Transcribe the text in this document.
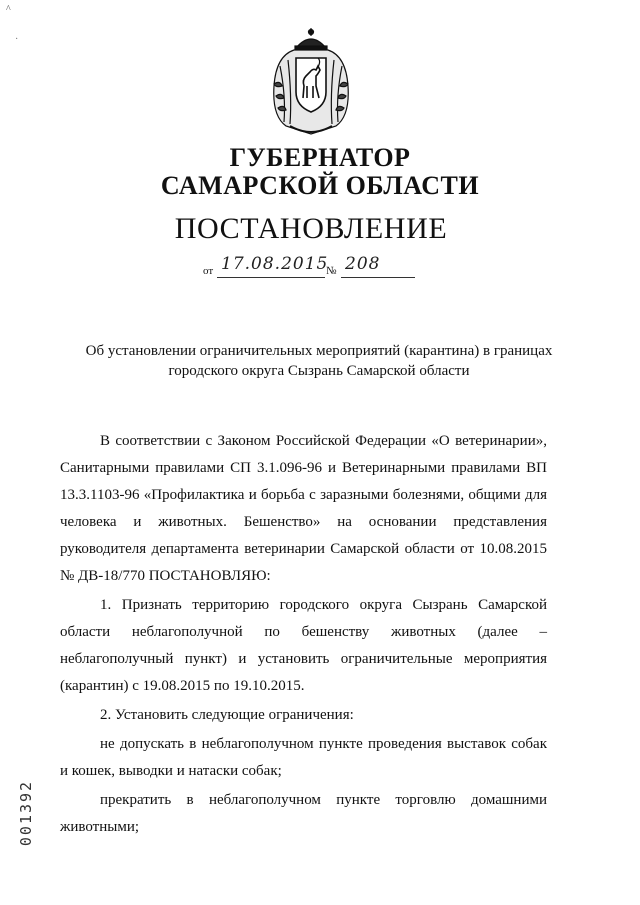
^
·
ГУБЕРНАТОР
САМАРСКОЙ ОБЛАСТИ
ПОСТАНОВЛЕНИЕ
от 17.08.2015
№ 208
Об установлении ограничительных мероприятий (карантина) в границах городского округа Сызрань Самарской области

В соответствии с Законом Российской Федерации «О ветеринарии», Санитарными правилами СП 3.1.096-96 и Ветеринарными правилами ВП 13.3.1103-96 «Профилактика и борьба с заразными болезнями, общими для человека и животных. Бешенство» на основании представления руководителя департамента ветеринарии Самарской области от 10.08.2015 № ДВ-18/770 ПОСТАНОВЛЯЮ:

1. Признать территорию городского округа Сызрань Самарской области неблагополучной по бешенству животных (далее – неблагополучный пункт) и установить ограничительные мероприятия (карантин) с 19.08.2015 по 19.10.2015.

2. Установить следующие ограничения:

не допускать в неблагополучном пункте проведения выставок собак и кошек, выводки и натаски собак;

прекратить в неблагополучном пункте торговлю домашними животными;

001392
